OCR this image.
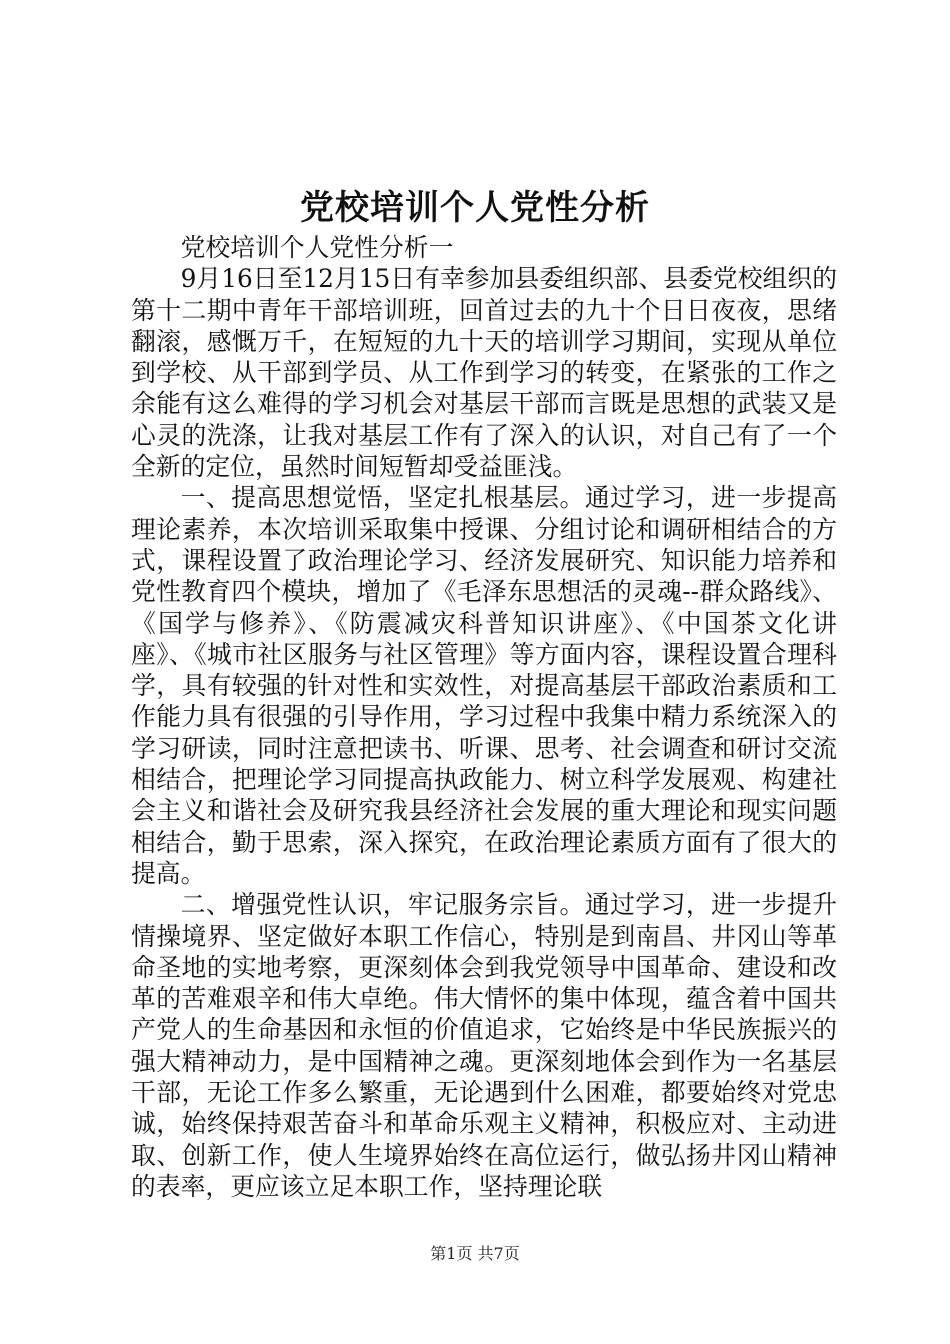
党校培训个人党性分析

党校培训个人党性分析一

9月16日至12月15日有幸参加县委组织部、县委党校组织的第十二期中青年干部培训班，回首过去的九十个日日夜夜，思绪翻滚，感慨万千，在短短的九十天的培训学习期间，实现从单位到学校、从干部到学员、从工作到学习的转变，在紧张的工作之余能有这么难得的学习机会对基层干部而言既是思想的武装又是心灵的洗涤，让我对基层工作有了深入的认识，对自己有了一个全新的定位，虽然时间短暂却受益匪浅。

一、提高思想觉悟，坚定扎根基层。通过学习，进一步提高理论素养，本次培训采取集中授课、分组讨论和调研相结合的方式，课程设置了政治理论学习、经济发展研究、知识能力培养和党性教育四个模块，增加了《毛泽东思想活的灵魂--群众路线》、《国学与修养》、《防震减灾科普知识讲座》、《中国茶文化讲座》、《城市社区服务与社区管理》等方面内容，课程设置合理科学，具有较强的针对性和实效性，对提高基层干部政治素质和工作能力具有很强的引导作用，学习过程中我集中精力系统深入的学习研读，同时注意把读书、听课、思考、社会调查和研讨交流相结合，把理论学习同提高执政能力、树立科学发展观、构建社会主义和谐社会及研究我县经济社会发展的重大理论和现实问题相结合，勤于思索，深入探究，在政治理论素质方面有了很大的提高。

二、增强党性认识，牢记服务宗旨。通过学习，进一步提升情操境界、坚定做好本职工作信心，特别是到南昌、井冈山等革命圣地的实地考察，更深刻体会到我党领导中国革命、建设和改革的苦难艰辛和伟大卓绝。伟大情怀的集中体现，蕴含着中国共产党人的生命基因和永恒的价值追求，它始终是中华民族振兴的强大精神动力，是中国精神之魂。更深刻地体会到作为一名基层干部，无论工作多么繁重，无论遇到什么困难，都要始终对党忠诚，始终保持艰苦奋斗和革命乐观主义精神，积极应对、主动进取、创新工作，使人生境界始终在高位运行，做弘扬井冈山精神的表率，更应该立足本职工作，坚持理论联

第1页 共7页
